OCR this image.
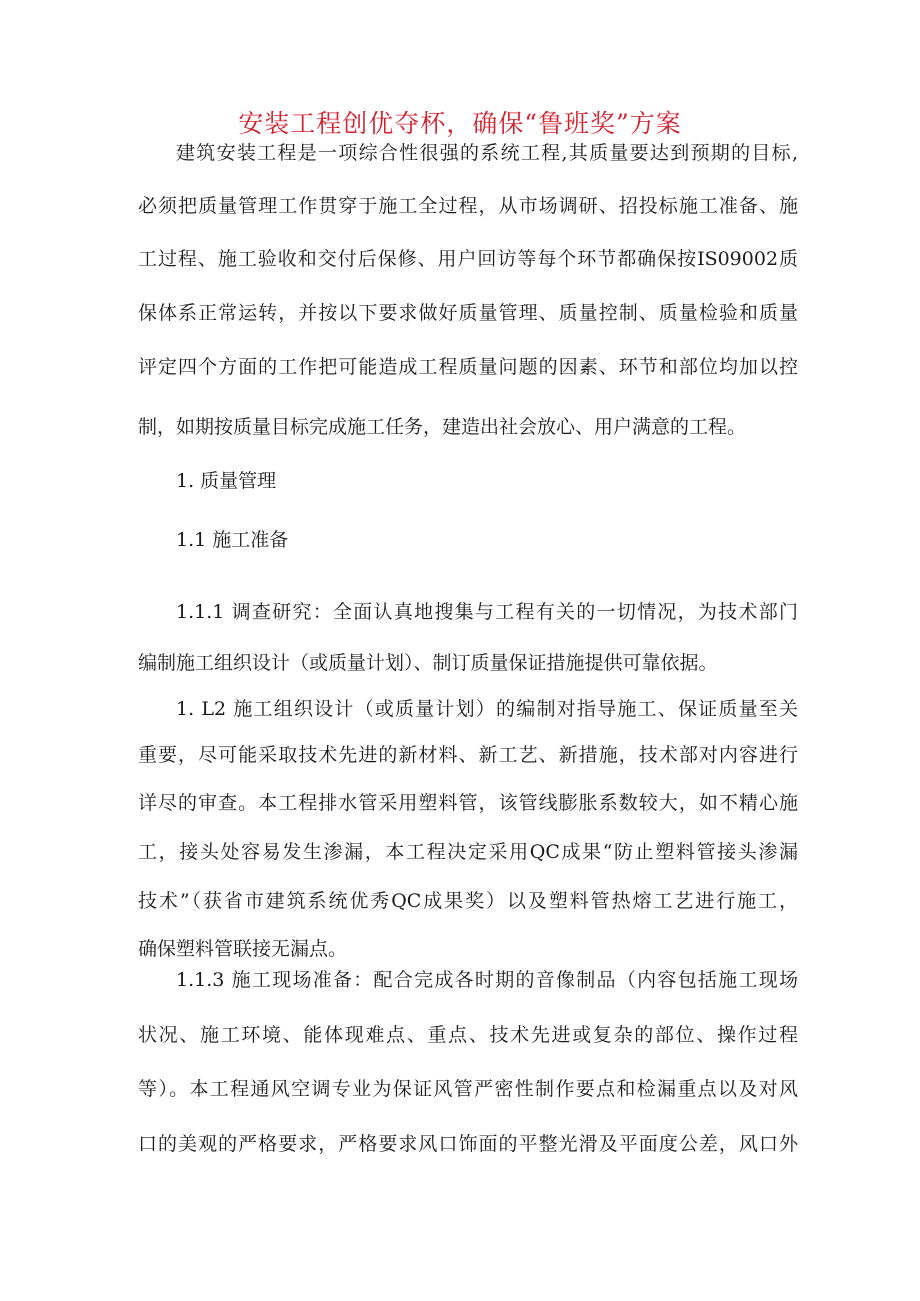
安装工程创优夺杯，确保“鲁班奖”方案

建筑安装工程是一项综合性很强的系统工程,其质量要达到预期的目标,

必须把质量管理工作贯穿于施工全过程，从市场调研、招投标施工准备、施

工过程、施工验收和交付后保修、用户回访等每个环节都确保按IS09002质

保体系正常运转，并按以下要求做好质量管理、质量控制、质量检验和质量

评定四个方面的工作把可能造成工程质量问题的因素、环节和部位均加以控

制，如期按质量目标完成施工任务，建造出社会放心、用户满意的工程。

1. 质量管理

1.1 施工准备

1.1.1 调查研究：全面认真地搜集与工程有关的一切情况，为技术部门

编制施工组织设计（或质量计划）、制订质量保证措施提供可靠依据。

1. L2 施工组织设计（或质量计划）的编制对指导施工、保证质量至关

重要，尽可能采取技术先进的新材料、新工艺、新措施，技术部对内容进行

详尽的审查。本工程排水管采用塑料管，该管线膨胀系数较大，如不精心施

工，接头处容易发生渗漏，本工程决定采用QC成果“防止塑料管接头渗漏

技术”（获省市建筑系统优秀QC成果奖）以及塑料管热熔工艺进行施工，

确保塑料管联接无漏点。

1.1.3 施工现场准备：配合完成各时期的音像制品（内容包括施工现场

状况、施工环境、能体现难点、重点、技术先进或复杂的部位、操作过程

等）。本工程通风空调专业为保证风管严密性制作要点和检漏重点以及对风

口的美观的严格要求，严格要求风口饰面的平整光滑及平面度公差，风口外
